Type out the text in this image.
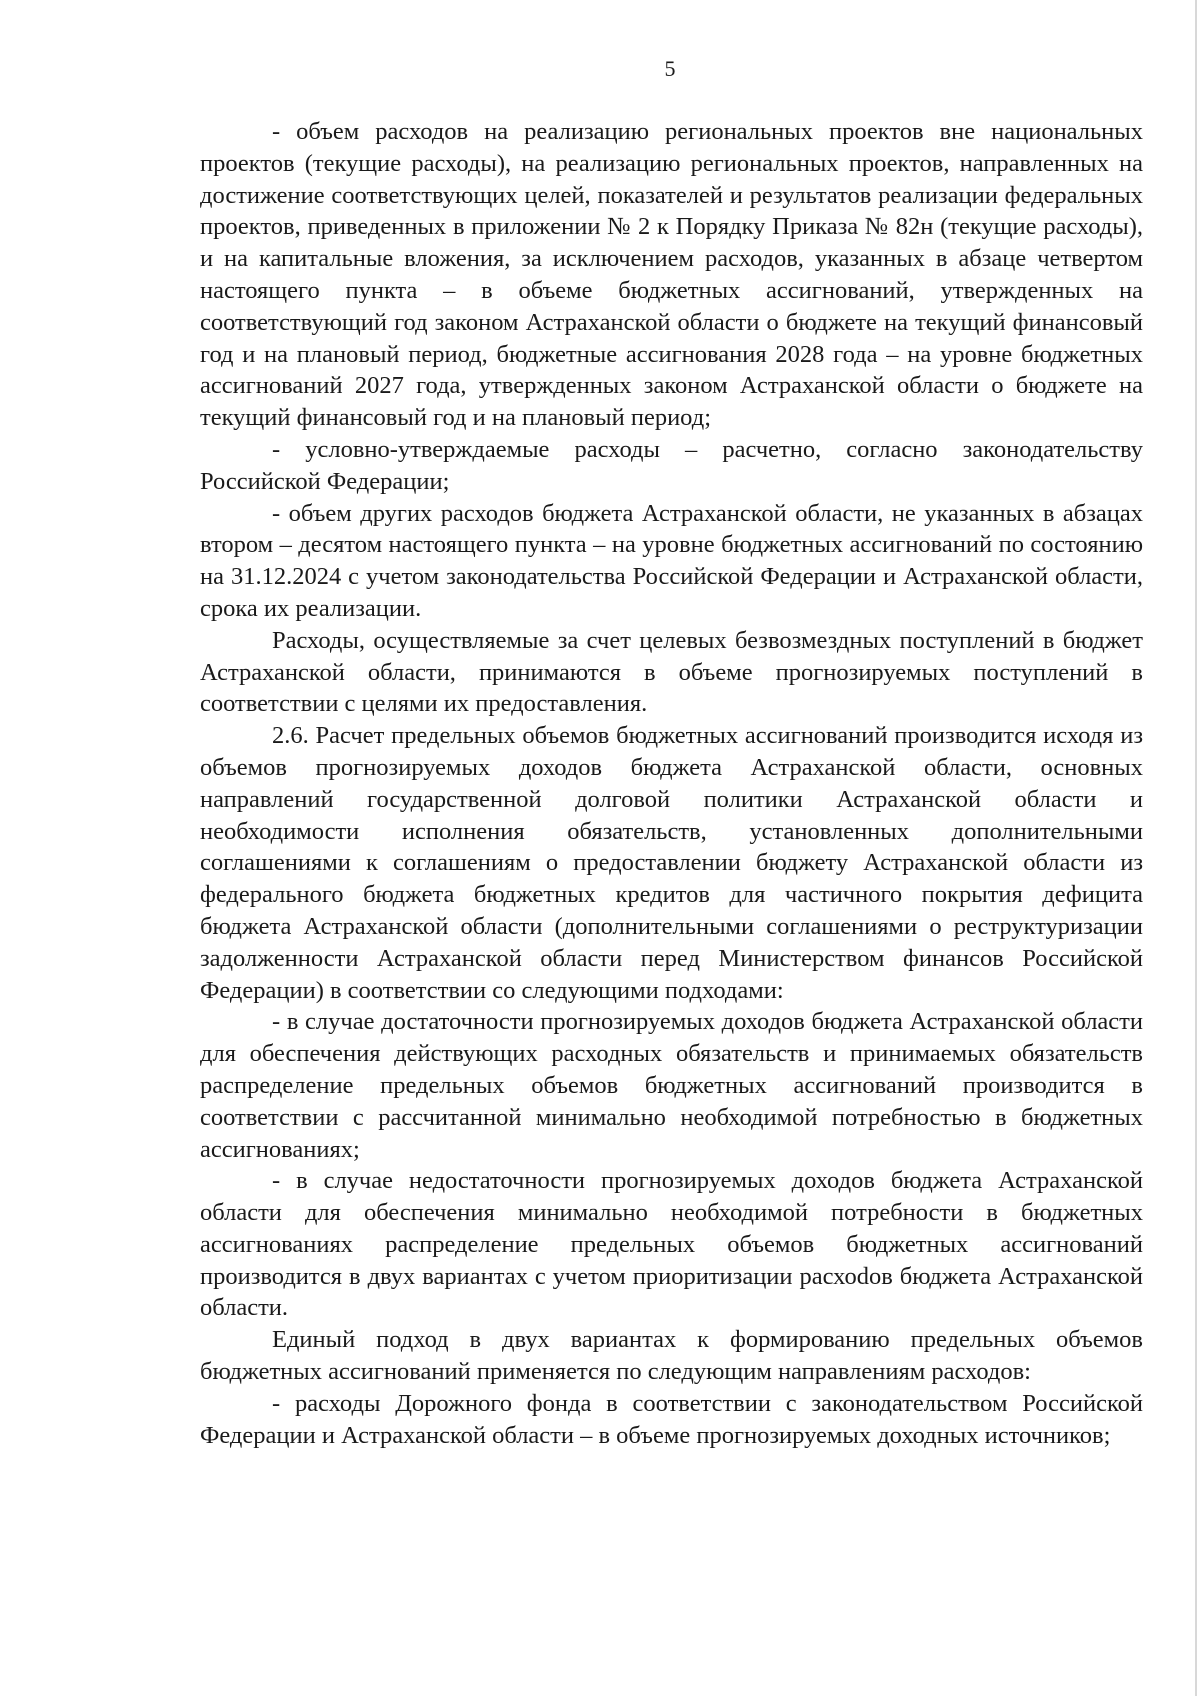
5

- объем расходов на реализацию региональных проектов вне национальных проектов (текущие расходы), на реализацию региональных проектов, направленных на достижение соответствующих целей, показателей и результатов реализации федеральных проектов, приведенных в приложении № 2 к Порядку Приказа № 82н (текущие расходы), и на капитальные вложения, за исключением расходов, указанных в абзаце четвертом настоящего пункта – в объеме бюджетных ассигнований, утвержденных на соответствующий год законом Астраханской области о бюджете на текущий финансовый год и на плановый период, бюджетные ассигнования 2028 года – на уровне бюджетных ассигнований 2027 года, утвержденных законом Астраханской области о бюджете на текущий финансовый год и на плановый период;

- условно-утверждаемые расходы – расчетно, согласно законодательству Российской Федерации;

- объем других расходов бюджета Астраханской области, не указанных в абзацах втором – десятом настоящего пункта – на уровне бюджетных ассигнований по состоянию на 31.12.2024 с учетом законодательства Российской Федерации и Астраханской области, срока их реализации.

Расходы, осуществляемые за счет целевых безвозмездных поступлений в бюджет Астраханской области, принимаются в объеме прогнозируемых поступлений в соответствии с целями их предоставления.

2.6. Расчет предельных объемов бюджетных ассигнований производится исходя из объемов прогнозируемых доходов бюджета Астраханской области, основных направлений государственной долговой политики Астраханской области и необходимости исполнения обязательств, установленных дополнительными соглашениями к соглашениям о предоставлении бюджету Астраханской области из федерального бюджета бюджетных кредитов для частичного покрытия дефицита бюджета Астраханской области (дополнительными соглашениями о реструктуризации задолженности Астраханской области перед Министерством финансов Российской Федерации) в соответствии со следующими подходами:

- в случае достаточности прогнозируемых доходов бюджета Астраханской области для обеспечения действующих расходных обязательств и принимаемых обязательств распределение предельных объемов бюджетных ассигнований производится в соответствии с рассчитанной минимально необходимой потребностью в бюджетных ассигнованиях;

- в случае недостаточности прогнозируемых доходов бюджета Астраханской области для обеспечения минимально необходимой потребности в бюджетных ассигнованиях распределение предельных объемов бюджетных ассигнований производится в двух вариантах с учетом приоритизации расхоdов бюджета Астраханской области.

Единый подход в двух вариантах к формированию предельных объемов бюджетных ассигнований применяется по следующим направлениям расходов:

- расходы Дорожного фонда в соответствии с законодательством Российской Федерации и Астраханской области – в объеме прогнозируемых доходных источников;
